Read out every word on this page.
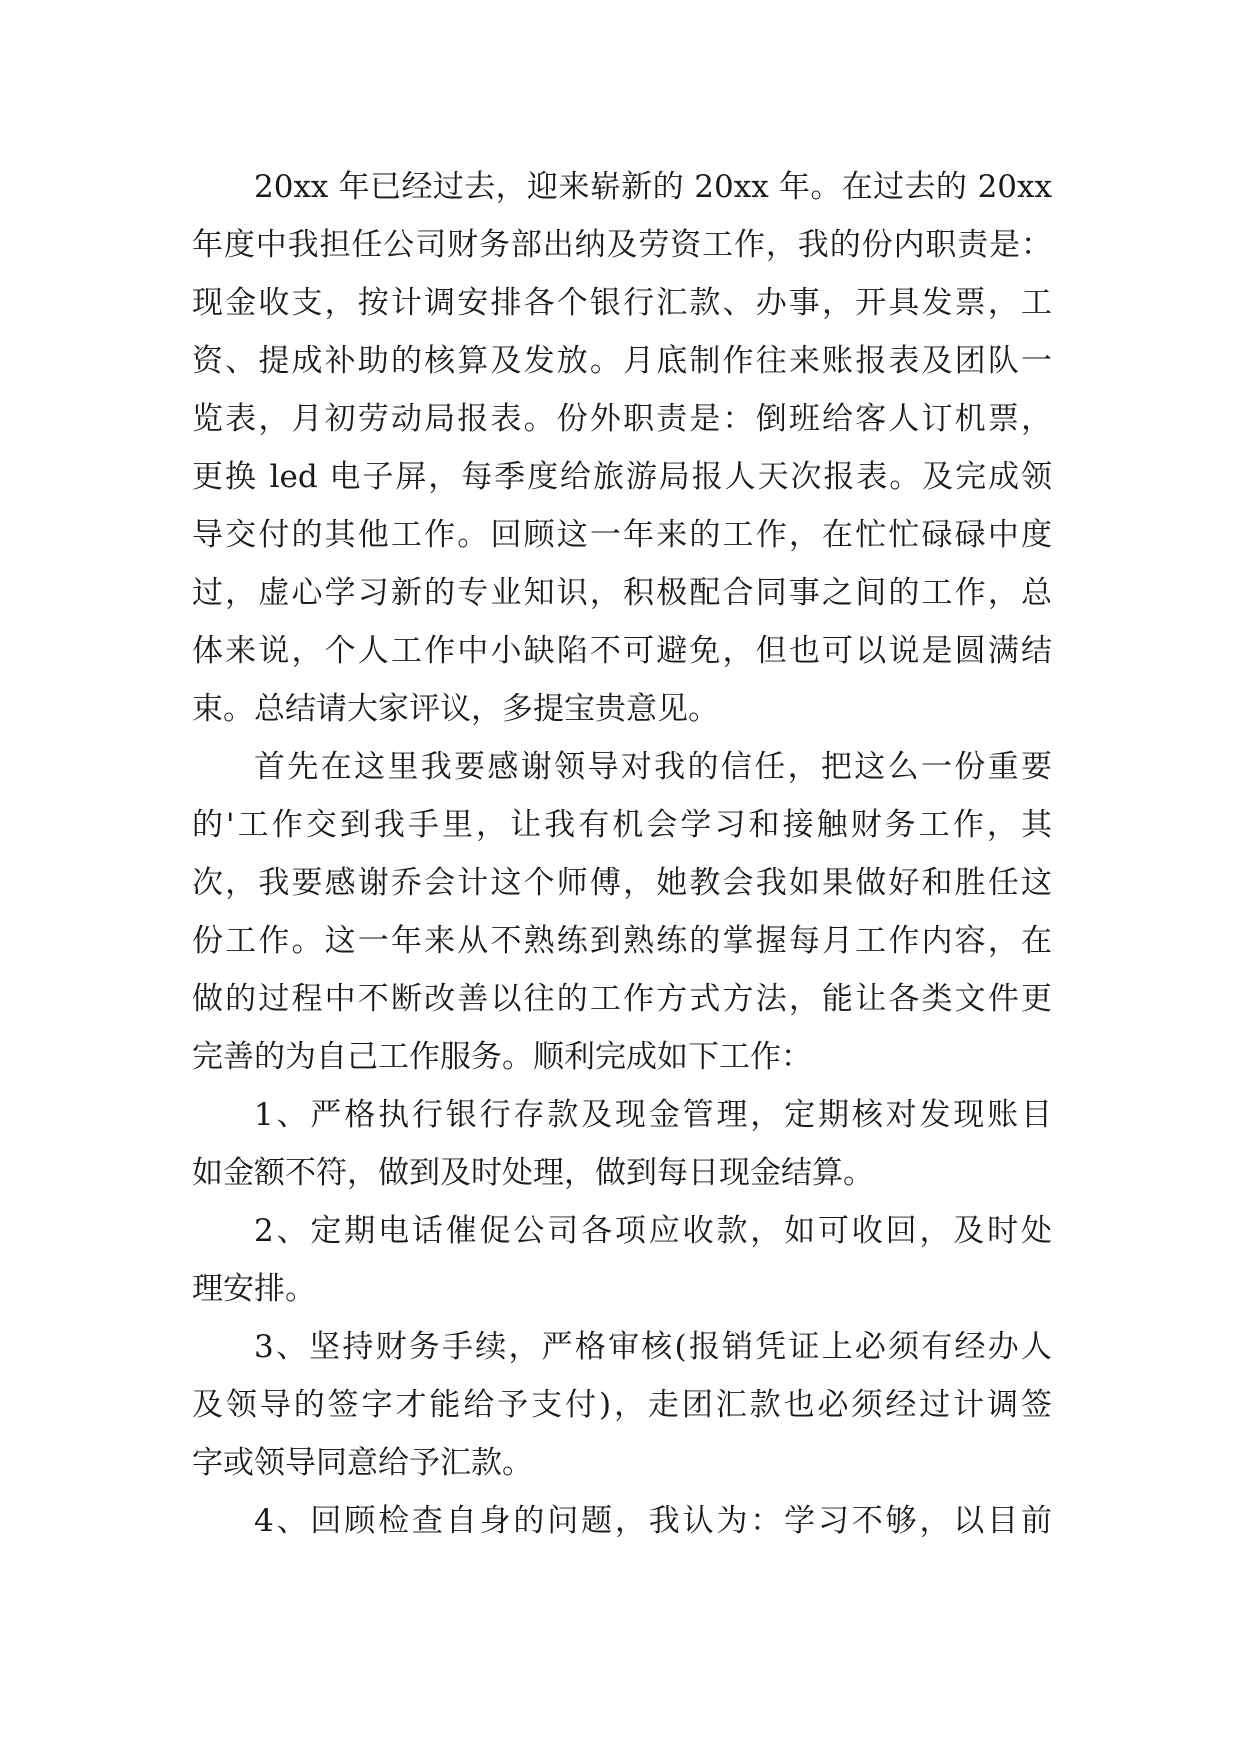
20xx 年已经过去，迎来崭新的 20xx 年。在过去的 20xx
年度中我担任公司财务部出纳及劳资工作，我的份内职责是：
现金收支，按计调安排各个银行汇款、办事，开具发票，工
资、提成补助的核算及发放。月底制作往来账报表及团队一
览表，月初劳动局报表。份外职责是：倒班给客人订机票，
更换 led 电子屏，每季度给旅游局报人天次报表。及完成领
导交付的其他工作。回顾这一年来的工作，在忙忙碌碌中度
过，虚心学习新的专业知识，积极配合同事之间的工作，总
体来说，个人工作中小缺陷不可避免，但也可以说是圆满结
束。总结请大家评议，多提宝贵意见。
首先在这里我要感谢领导对我的信任，把这么一份重要
的'工作交到我手里，让我有机会学习和接触财务工作，其
次，我要感谢乔会计这个师傅，她教会我如果做好和胜任这
份工作。这一年来从不熟练到熟练的掌握每月工作内容，在
做的过程中不断改善以往的工作方式方法，能让各类文件更
完善的为自己工作服务。顺利完成如下工作：
1、严格执行银行存款及现金管理，定期核对发现账目
如金额不符，做到及时处理，做到每日现金结算。
2、定期电话催促公司各项应收款，如可收回，及时处
理安排。
3、坚持财务手续，严格审核(报销凭证上必须有经办人
及领导的签字才能给予支付)，走团汇款也必须经过计调签
字或领导同意给予汇款。
4、回顾检查自身的问题，我认为：学习不够，以目前
